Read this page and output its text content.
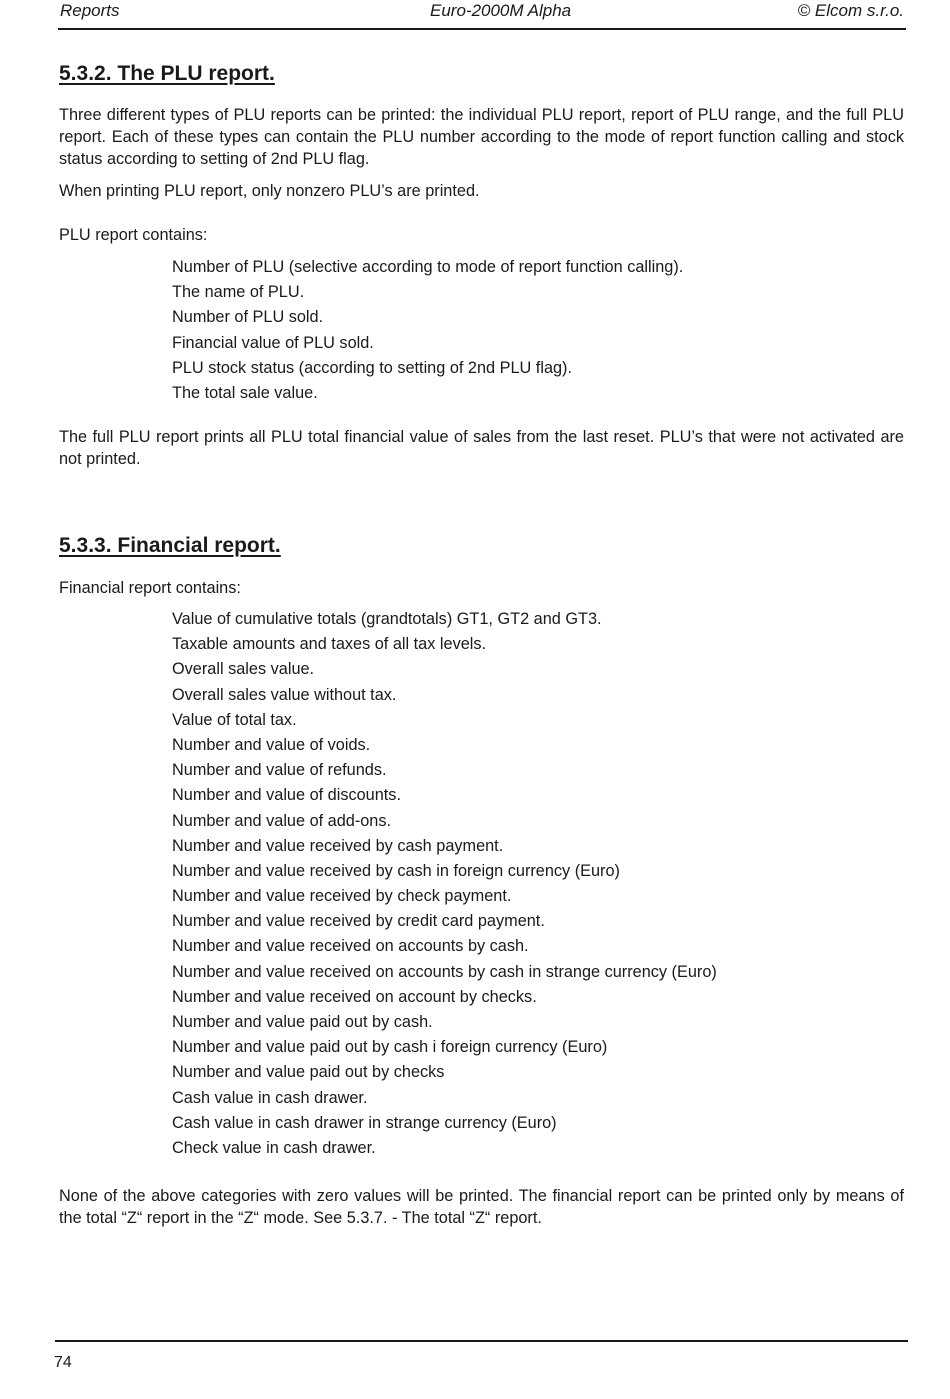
Reports	Euro-2000M Alpha	© Elcom s.r.o.
5.3.2. The PLU report.

Three different types of PLU reports can be printed: the individual PLU report, report of PLU range, and the full PLU report. Each of these types can contain the PLU number according to the mode of report function calling and stock status according to setting of 2nd PLU flag.

When printing PLU report, only nonzero PLU’s are printed.

PLU report contains:

Number of PLU (selective according to mode of report function calling).
The name of PLU.
Number of PLU sold.
Financial value of PLU sold.
PLU stock status (according to setting of 2nd PLU flag).
The total sale value.

The full PLU report prints all PLU total financial value of sales from the last reset. PLU’s that were not activated are not printed.

5.3.3. Financial report.

Financial report contains:

Value of cumulative totals (grandtotals) GT1, GT2 and GT3.
Taxable amounts and taxes of all tax levels.
Overall sales value.
Overall sales value without tax.
Value of total tax.
Number and value of voids.
Number and value of refunds.
Number and value of discounts.
Number and value of add-ons.
Number and value received by cash payment.
Number and value received by cash in foreign currency (Euro)
Number and value received by check payment.
Number and value received by credit card payment.
Number and value received on accounts by cash.
Number and value received on accounts by cash in strange currency (Euro)
Number and value received on account by checks.
Number and value paid out by cash.
Number and value paid out by cash i foreign currency (Euro)
Number and value paid out by checks
Cash value in cash drawer.
Cash value in cash drawer in strange currency (Euro)
Check value in cash drawer.

None of the above categories with zero values will be printed. The financial report can be printed only by means of the total “Z“ report in the “Z“ mode. See 5.3.7. - The total “Z“ report.

74
